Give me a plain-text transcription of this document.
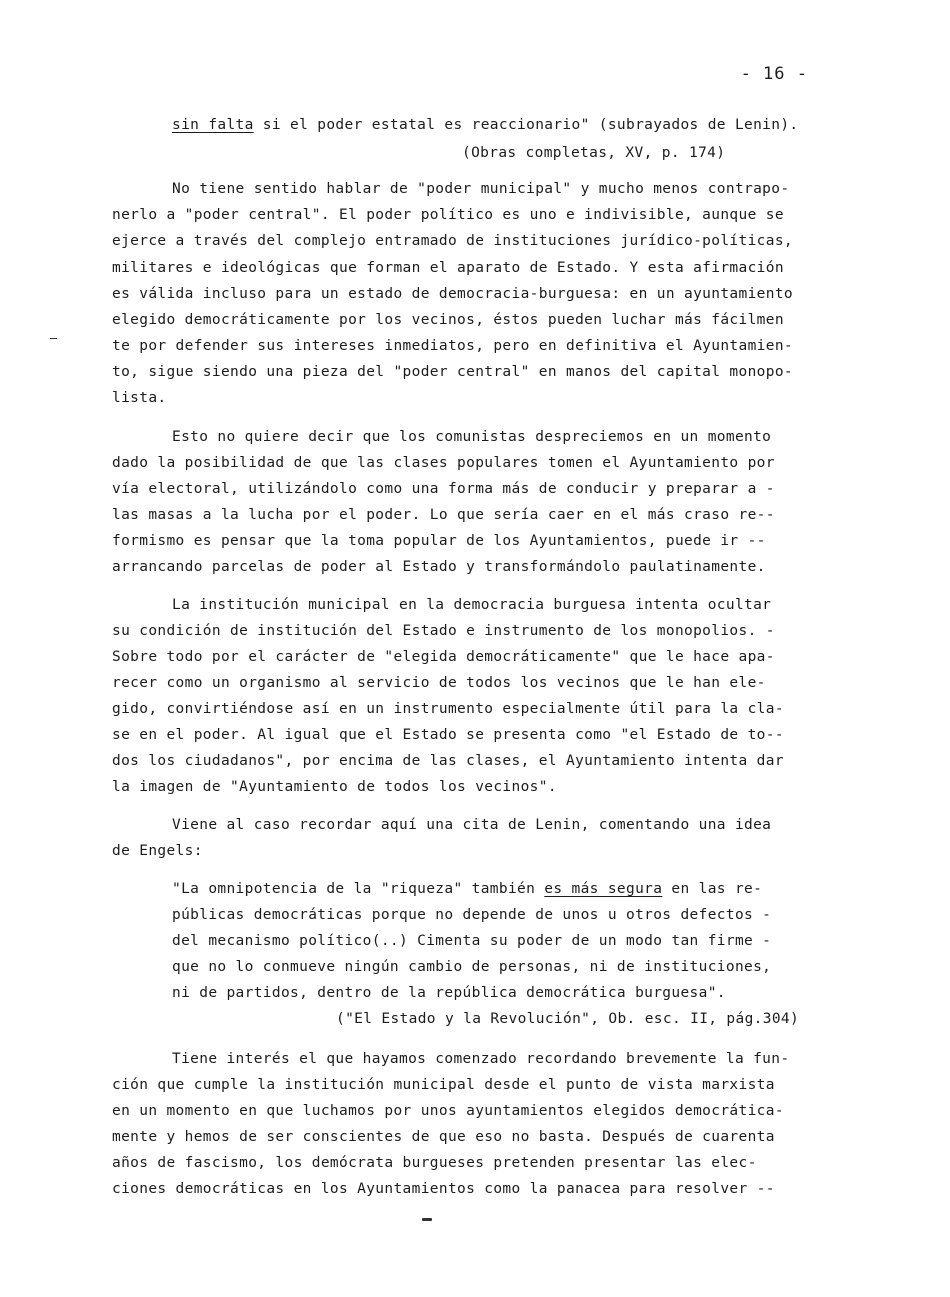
- 16 -
sin falta si el poder estatal es reaccionario" (subrayados de Lenin).
(Obras completas, XV, p. 174)
No tiene sentido hablar de "poder municipal" y mucho menos contrapo-
nerlo a "poder central". El poder político es uno e indivisible, aunque se
ejerce a través del complejo entramado de instituciones jurídico-políticas,
militares e ideológicas que forman el aparato de Estado. Y esta afirmación
es válida incluso para un estado de democracia-burguesa: en un ayuntamiento
elegido democráticamente por los vecinos, éstos pueden luchar más fácilmen
te por defender sus intereses inmediatos, pero en definitiva el Ayuntamien-
to, sigue siendo una pieza del "poder central" en manos del capital monopo-
lista.
Esto no quiere decir que los comunistas despreciemos en un momento
dado la posibilidad de que las clases populares tomen el Ayuntamiento por
vía electoral, utilizándolo como una forma más de conducir y preparar a -
las masas a la lucha por el poder. Lo que sería caer en el más craso re--
formismo es pensar que la toma popular de los Ayuntamientos, puede ir --
arrancando parcelas de poder al Estado y transformándolo paulatinamente.
La institución municipal en la democracia burguesa intenta ocultar
su condición de institución del Estado e instrumento de los monopolios. -
Sobre todo por el carácter de "elegida democráticamente" que le hace apa-
recer como un organismo al servicio de todos los vecinos que le han ele-
gido, convirtiéndose así en un instrumento especialmente útil para la cla-
se en el poder. Al igual que el Estado se presenta como "el Estado de to--
dos los ciudadanos", por encima de las clases, el Ayuntamiento intenta dar
la imagen de "Ayuntamiento de todos los vecinos".
Viene al caso recordar aquí una cita de Lenin, comentando una idea
de Engels:
"La omnipotencia de la "riqueza" también es más segura en las re-
públicas democráticas porque no depende de unos u otros defectos -
del mecanismo político(..) Cimenta su poder de un modo tan firme -
que no lo conmueve ningún cambio de personas, ni de instituciones,
ni de partidos, dentro de la república democrática burguesa".
("El Estado y la Revolución", Ob. esc. II, pág.304)
Tiene interés el que hayamos comenzado recordando brevemente la fun-
ción que cumple la institución municipal desde el punto de vista marxista
en un momento en que luchamos por unos ayuntamientos elegidos democrática-
mente y hemos de ser conscientes de que eso no basta. Después de cuarenta
años de fascismo, los demócrata burgueses pretenden presentar las elec-
ciones democráticas en los Ayuntamientos como la panacea para resolver --
